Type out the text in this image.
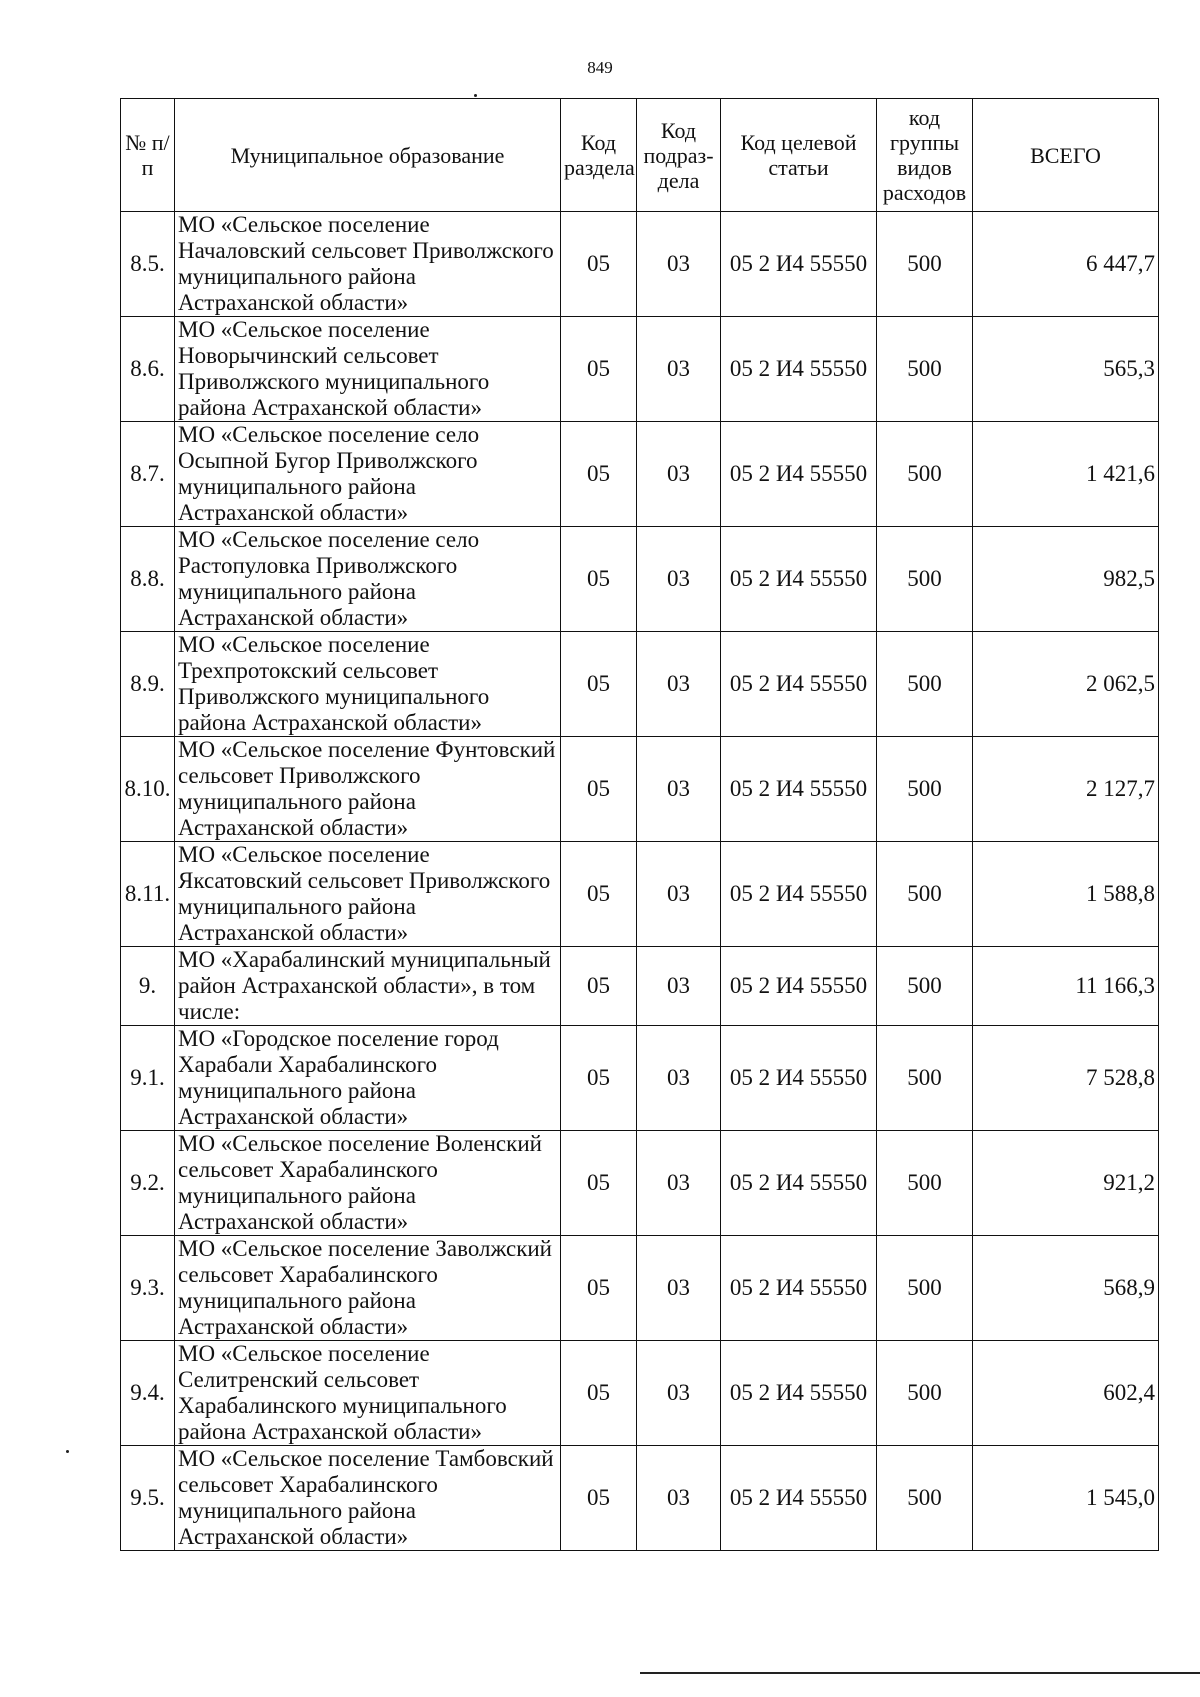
849
№ п/п	Муниципальное образование	Код раздела	Код подраз-дела	Код целевой статьи	код группы видов расходов	ВСЕГО
8.5.	МО «Сельское поселение Началовский сельсовет Приволжского муниципального района Астраханской области»	05	03	05 2 И4 55550	500	6 447,7
8.6.	МО «Сельское поселение Новорычинский сельсовет Приволжского муниципального района Астраханской области»	05	03	05 2 И4 55550	500	565,3
8.7.	МО «Сельское поселение село Осыпной Бугор Приволжского муниципального района Астраханской области»	05	03	05 2 И4 55550	500	1 421,6
8.8.	МО «Сельское поселение село Растопуловка Приволжского муниципального района Астраханской области»	05	03	05 2 И4 55550	500	982,5
8.9.	МО «Сельское поселение Трехпротокский сельсовет Приволжского муниципального района Астраханской области»	05	03	05 2 И4 55550	500	2 062,5
8.10.	МО «Сельское поселение Фунтовский сельсовет Приволжского муниципального района Астраханской области»	05	03	05 2 И4 55550	500	2 127,7
8.11.	МО «Сельское поселение Яксатовский сельсовет Приволжского муниципального района Астраханской области»	05	03	05 2 И4 55550	500	1 588,8
9.	МО «Харабалинский муниципальный район Астраханской области», в том числе:	05	03	05 2 И4 55550	500	11 166,3
9.1.	МО «Городское поселение город Харабали Харабалинского муниципального района Астраханской области»	05	03	05 2 И4 55550	500	7 528,8
9.2.	МО «Сельское поселение Воленский сельсовет Харабалинского муниципального района Астраханской области»	05	03	05 2 И4 55550	500	921,2
9.3.	МО «Сельское поселение Заволжский сельсовет Харабалинского муниципального района Астраханской области»	05	03	05 2 И4 55550	500	568,9
9.4.	МО «Сельское поселение Селитренский сельсовет Харабалинского муниципального района Астраханской области»	05	03	05 2 И4 55550	500	602,4
9.5.	МО «Сельское поселение Тамбовский сельсовет Харабалинского муниципального района Астраханской области»	05	03	05 2 И4 55550	500	1 545,0
